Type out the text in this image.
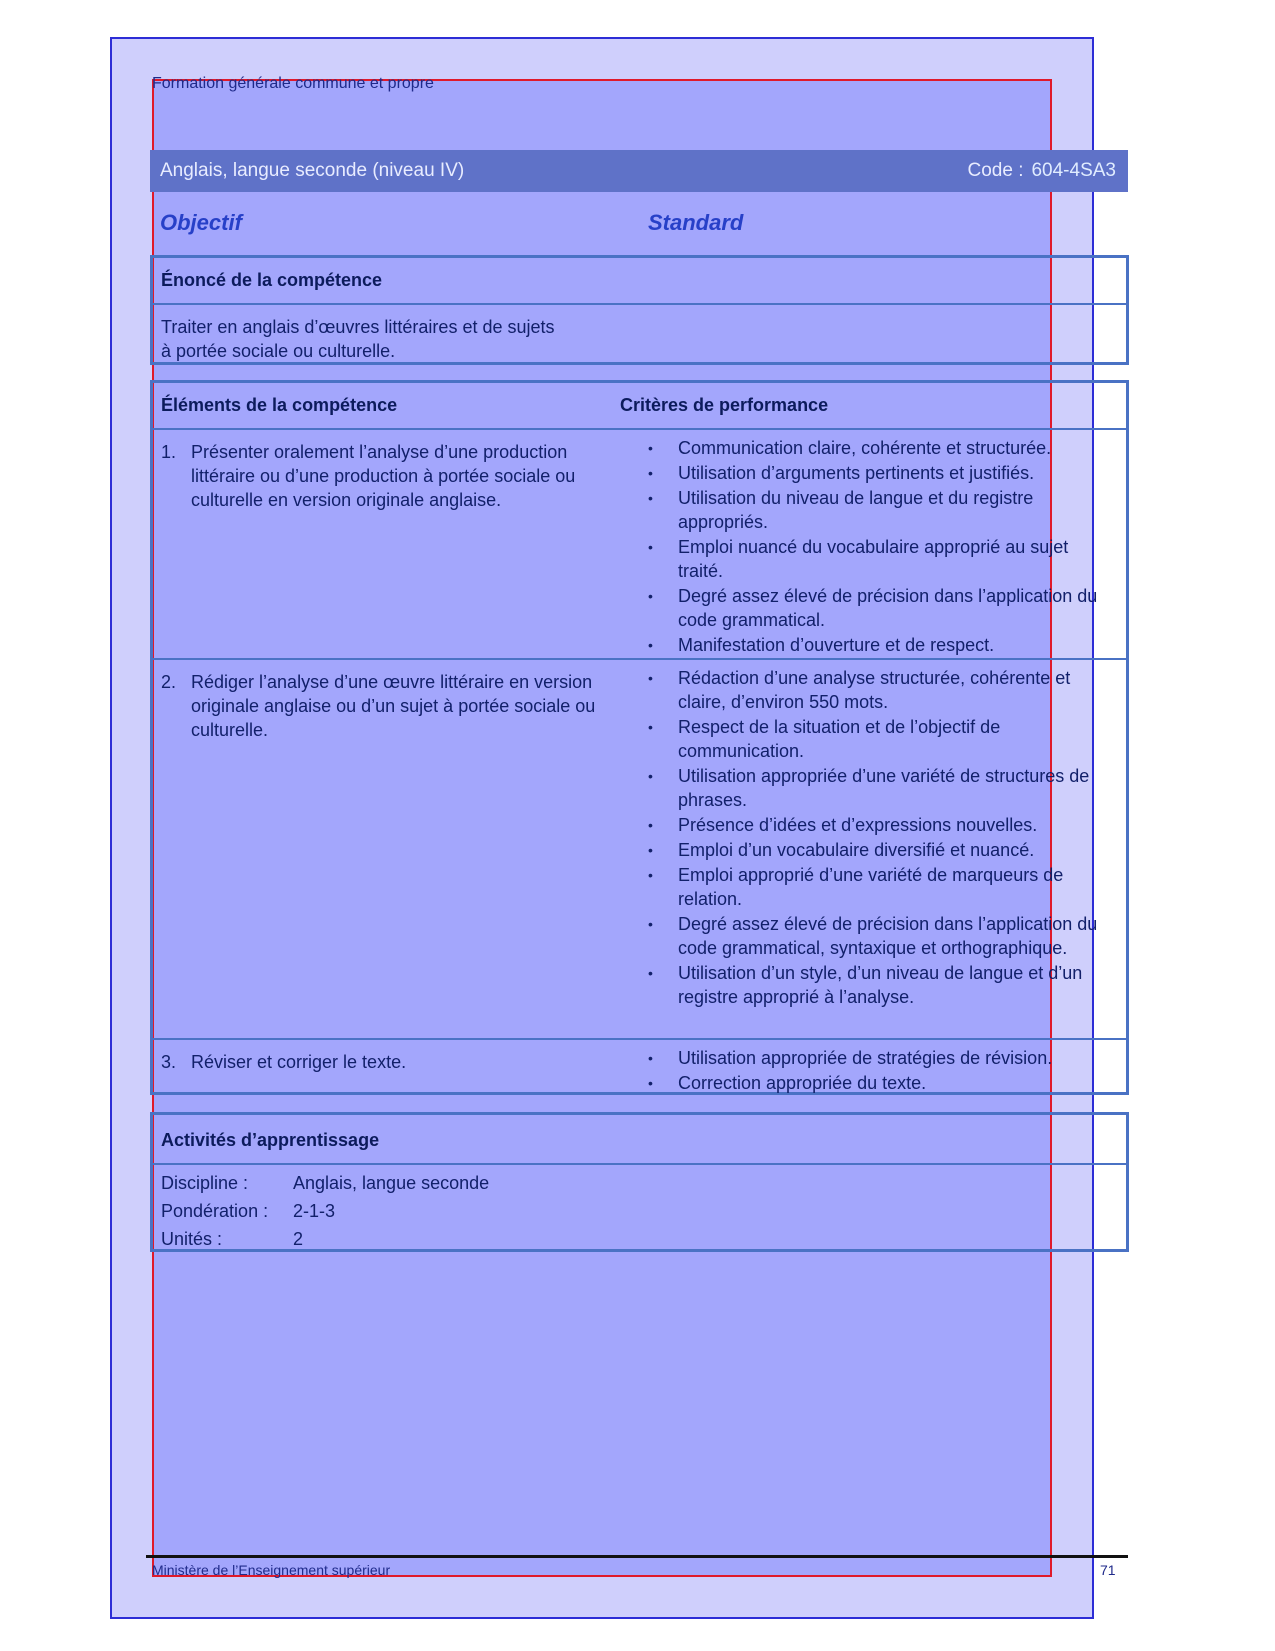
Formation générale commune et propre
Anglais, langue seconde (niveau IV)	Code : 604-4SA3
Objectif	Standard
Énoncé de la compétence
Traiter en anglais d’œuvres littéraires et de sujets
à portée sociale ou culturelle.
Éléments de la compétence	Critères de performance
1. Présenter oralement l’analyse d’une production littéraire ou d’une production à portée sociale ou culturelle en version originale anglaise.
•	Communication claire, cohérente et structurée.
•	Utilisation d’arguments pertinents et justifiés.
•	Utilisation du niveau de langue et du registre appropriés.
•	Emploi nuancé du vocabulaire approprié au sujet traité.
•	Degré assez élevé de précision dans l’application du code grammatical.
•	Manifestation d’ouverture et de respect.
2. Rédiger l’analyse d’une œuvre littéraire en version originale anglaise ou d’un sujet à portée sociale ou culturelle.
•	Rédaction d’une analyse structurée, cohérente et claire, d’environ 550 mots.
•	Respect de la situation et de l’objectif de communication.
•	Utilisation appropriée d’une variété de structures de phrases.
•	Présence d’idées et d’expressions nouvelles.
•	Emploi d’un vocabulaire diversifié et nuancé.
•	Emploi approprié d’une variété de marqueurs de relation.
•	Degré assez élevé de précision dans l’application du code grammatical, syntaxique et orthographique.
•	Utilisation d’un style, d’un niveau de langue et d’un registre approprié à l’analyse.
3. Réviser et corriger le texte.	•	Utilisation appropriée de stratégies de révision.
•	Correction appropriée du texte.
Activités d’apprentissage
Discipline :	Anglais, langue seconde
Pondération :	2-1-3
Unités :	2
Ministère de l’Enseignement supérieur	71
